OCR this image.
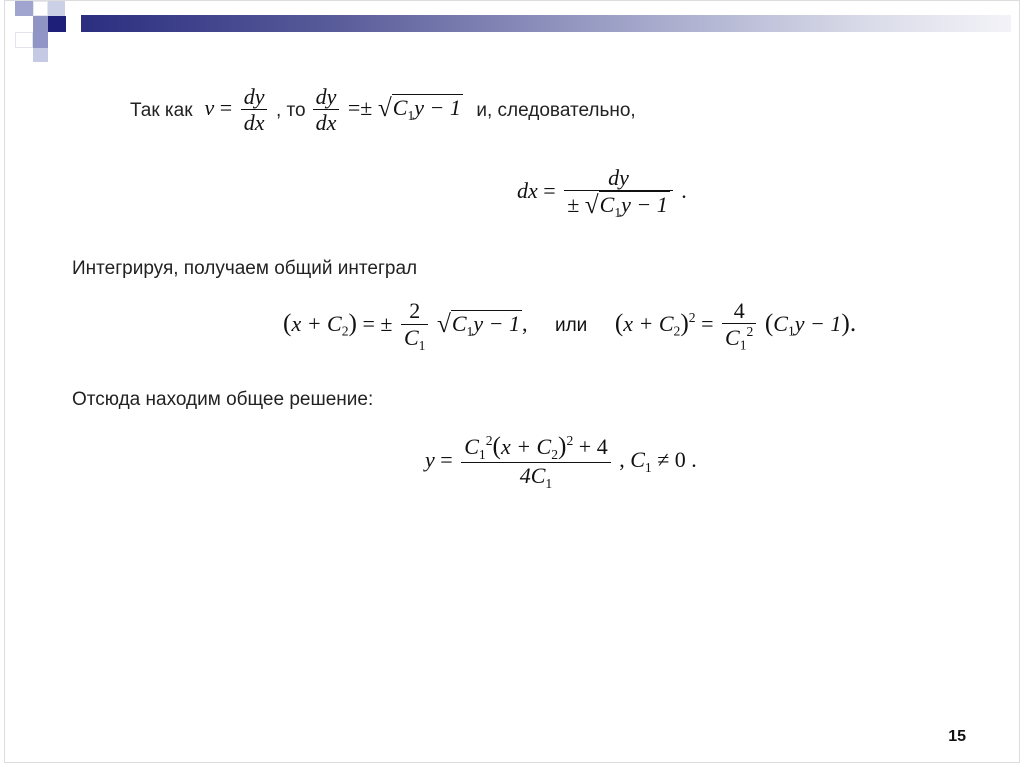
Так как $v = \frac{dy}{dx}$ , то $\frac{dy}{dx} =\pm √C_1y - 1$ и, следовательно,
dx = $\frac{dy}{\pm √C_1y - 1}$ .
Интегрируя, получаем общий интеграл
$(x + C_2)$ = ± $\frac{2}{C_1} √C_1y - 1$, или $(x + C_2)^2 = \frac{4}{C_1^2} (C_1y - 1)$.
Отсюда находим общее решение:
$y = \frac{C_1^2(x + C_2)^2 + 4}{4C_1}$ , $C_1 \ne 0$ .
15
